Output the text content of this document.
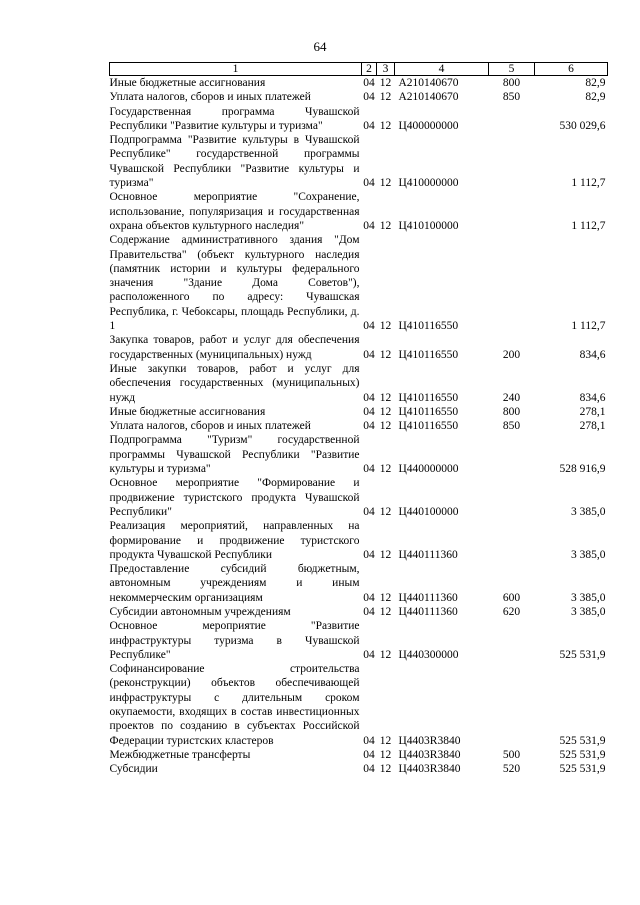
64
1	2	3	4	5	6
Иные бюджетные ассигнования	04	12	А210140670	800	82,9
Уплата налогов, сборов и иных платежей	04	12	А210140670	850	82,9
Государственная программа Чувашской Республики "Развитие культуры и туризма"	04	12	Ц400000000		530 029,6
Подпрограмма "Развитие культуры в Чувашской Республике" государственной программы Чувашской Республики "Развитие культуры и туризма"	04	12	Ц410000000		1 112,7
Основное мероприятие "Сохранение, использование, популяризация и государственная охрана объектов культурного наследия"	04	12	Ц410100000		1 112,7
Содержание административного здания "Дом Правительства" (объект культурного наследия (памятник истории и культуры федерального значения "Здание Дома Советов"), расположенного по адресу: Чувашская Республика, г. Чебоксары, площадь Республики, д. 1	04	12	Ц410116550		1 112,7
Закупка товаров, работ и услуг для обеспечения государственных (муниципальных) нужд	04	12	Ц410116550	200	834,6
Иные закупки товаров, работ и услуг для обеспечения государственных (муниципальных) нужд	04	12	Ц410116550	240	834,6
Иные бюджетные ассигнования	04	12	Ц410116550	800	278,1
Уплата налогов, сборов и иных платежей	04	12	Ц410116550	850	278,1
Подпрограмма "Туризм" государственной программы Чувашской Республики "Развитие культуры и туризма"	04	12	Ц440000000		528 916,9
Основное мероприятие "Формирование и продвижение туристского продукта Чувашской Республики"	04	12	Ц440100000		3 385,0
Реализация мероприятий, направленных на формирование и продвижение туристского продукта Чувашской Республики	04	12	Ц440111360		3 385,0
Предоставление субсидий бюджетным, автономным учреждениям и иным некоммерческим организациям	04	12	Ц440111360	600	3 385,0
Субсидии автономным учреждениям	04	12	Ц440111360	620	3 385,0
Основное мероприятие "Развитие инфраструктуры туризма в Чувашской Республике"	04	12	Ц440300000		525 531,9
Софинансирование строительства (реконструкции) объектов обеспечивающей инфраструктуры с длительным сроком окупаемости, входящих в состав инвестиционных проектов по созданию в субъектах Российской Федерации туристских кластеров	04	12	Ц4403R3840		525 531,9
Межбюджетные трансферты	04	12	Ц4403R3840	500	525 531,9
Субсидии	04	12	Ц4403R3840	520	525 531,9
